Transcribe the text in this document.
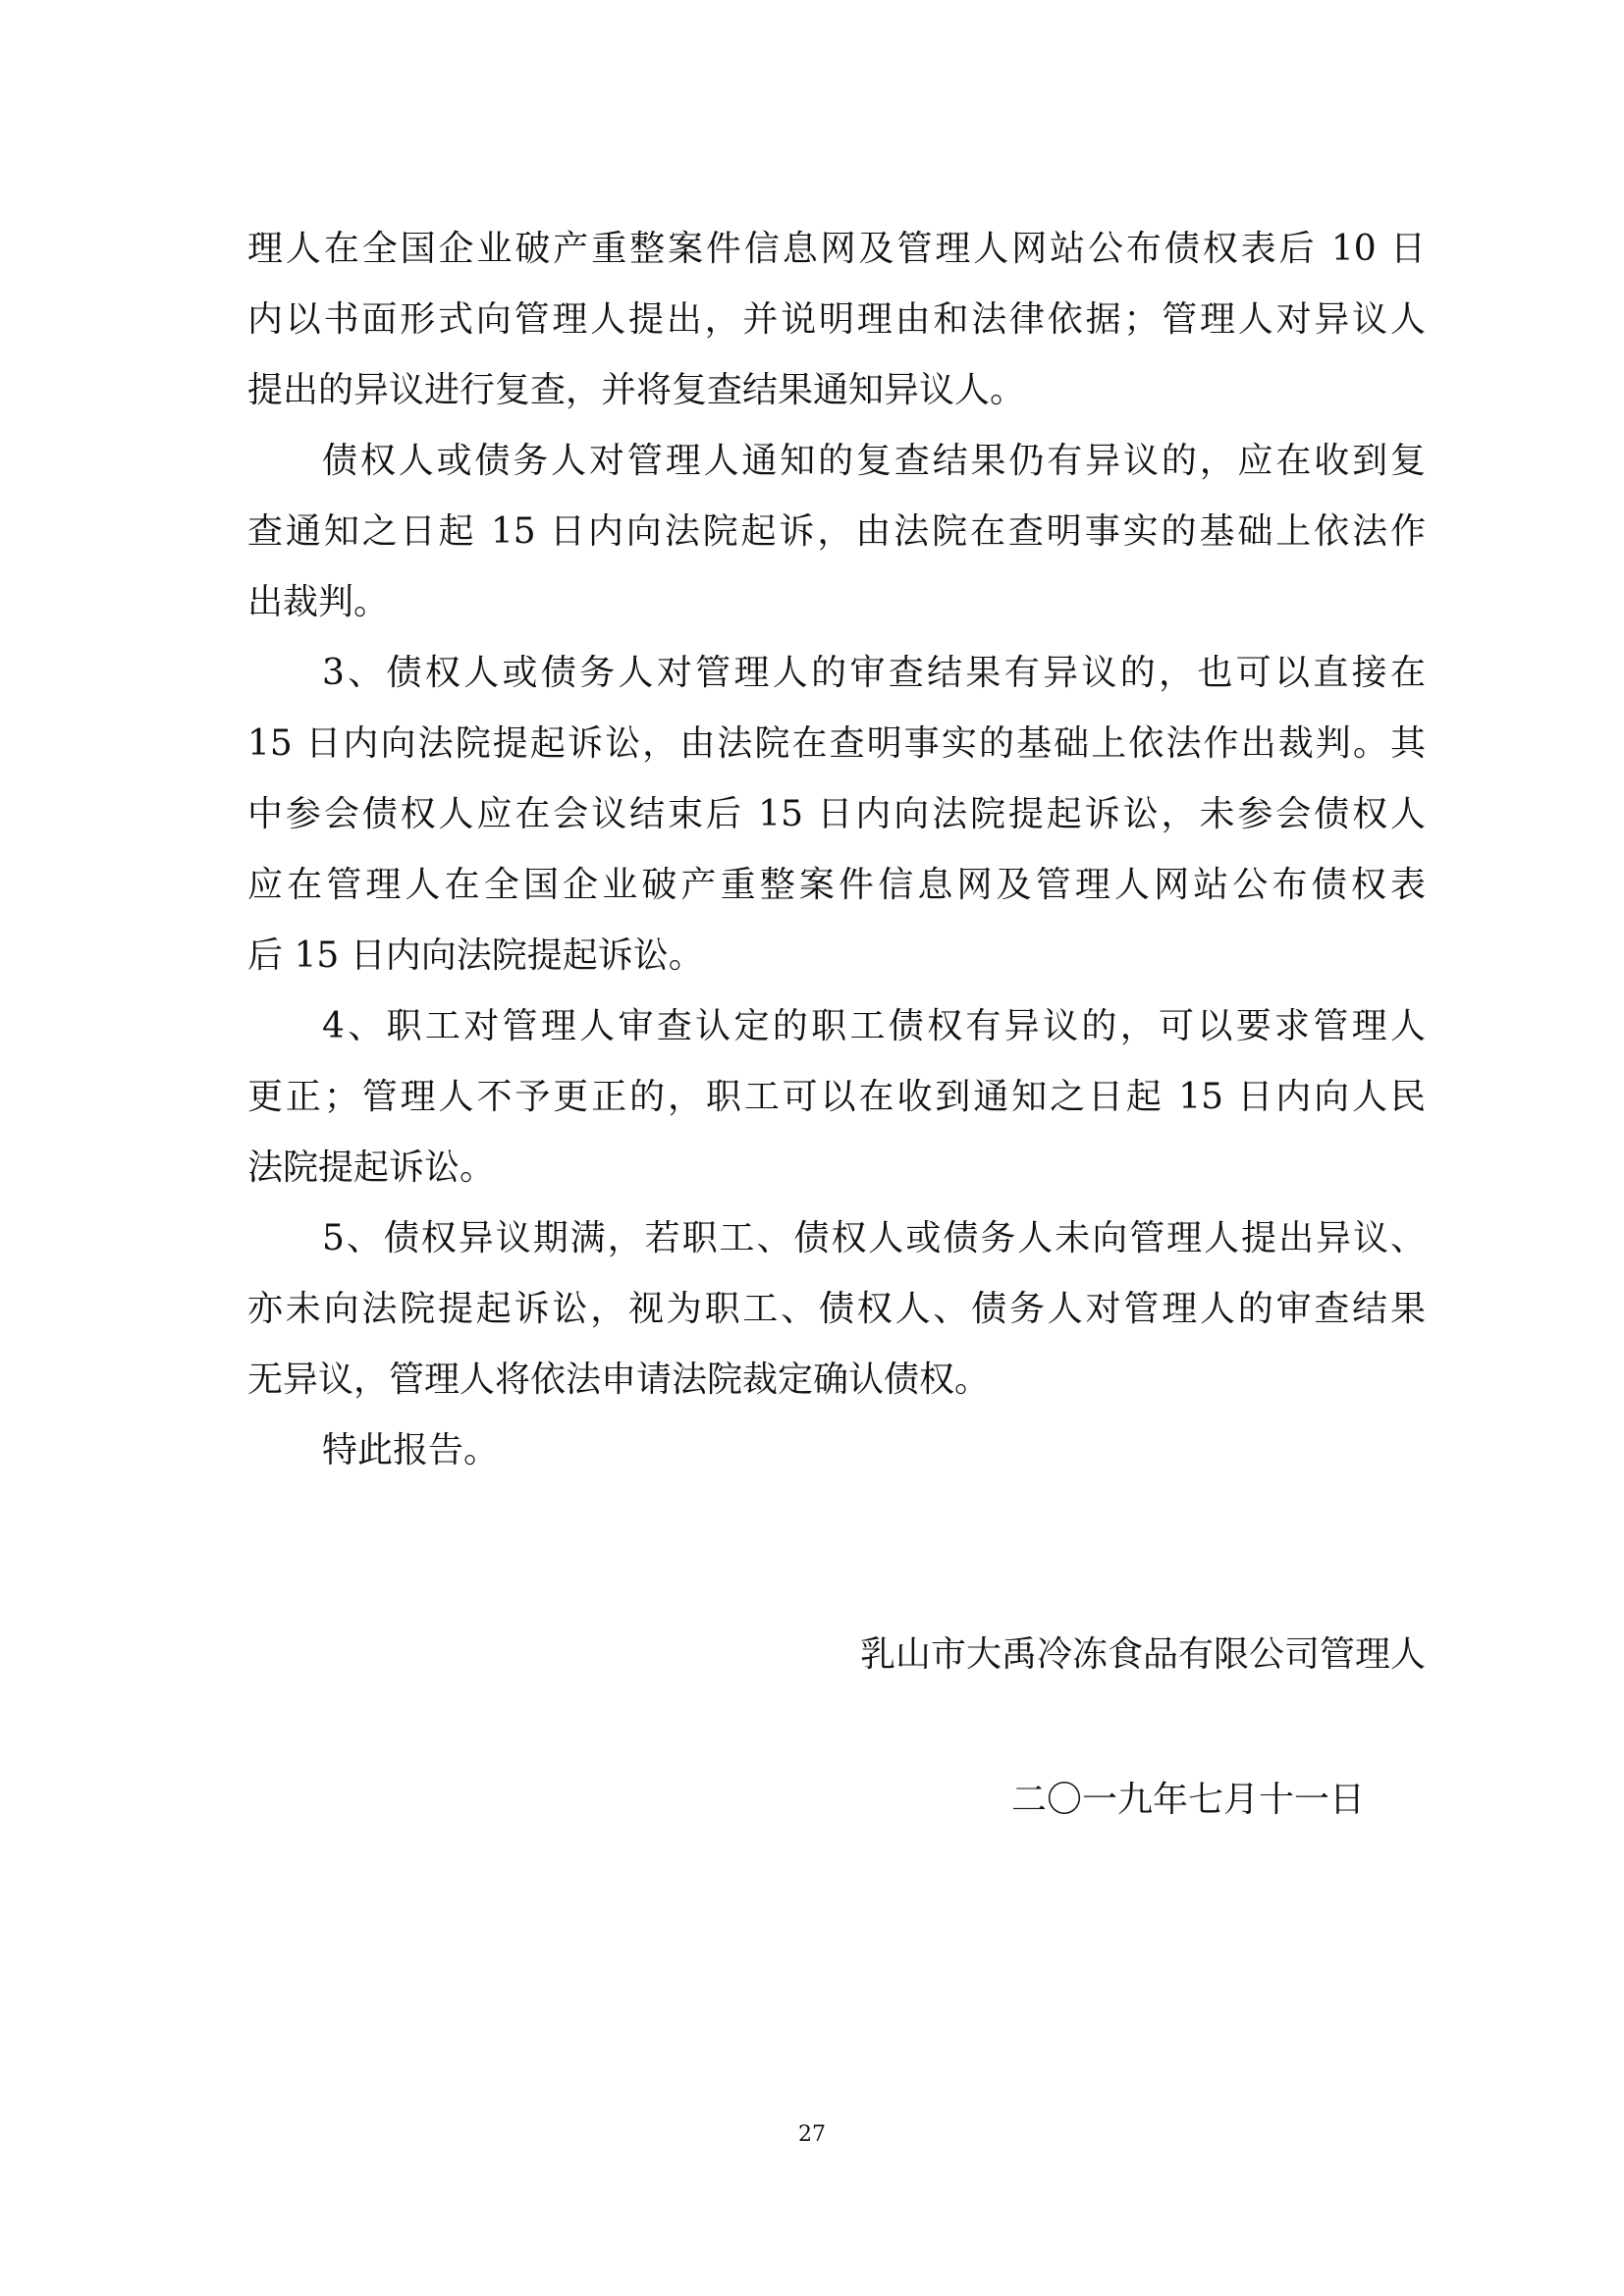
理人在全国企业破产重整案件信息网及管理人网站公布债权表后 10 日
内以书面形式向管理人提出，并说明理由和法律依据；管理人对异议人
提出的异议进行复查，并将复查结果通知异议人。
债权人或债务人对管理人通知的复查结果仍有异议的，应在收到复
查通知之日起 15 日内向法院起诉，由法院在查明事实的基础上依法作
出裁判。
3、债权人或债务人对管理人的审查结果有异议的，也可以直接在
15 日内向法院提起诉讼，由法院在查明事实的基础上依法作出裁判。其
中参会债权人应在会议结束后 15 日内向法院提起诉讼，未参会债权人
应在管理人在全国企业破产重整案件信息网及管理人网站公布债权表
后 15 日内向法院提起诉讼。
4、职工对管理人审查认定的职工债权有异议的，可以要求管理人
更正；管理人不予更正的，职工可以在收到通知之日起 15 日内向人民
法院提起诉讼。
5、债权异议期满，若职工、债权人或债务人未向管理人提出异议、
亦未向法院提起诉讼，视为职工、债权人、债务人对管理人的审查结果
无异议，管理人将依法申请法院裁定确认债权。
特此报告。
乳山市大禹冷冻食品有限公司管理人
二〇一九年七月十一日
27
